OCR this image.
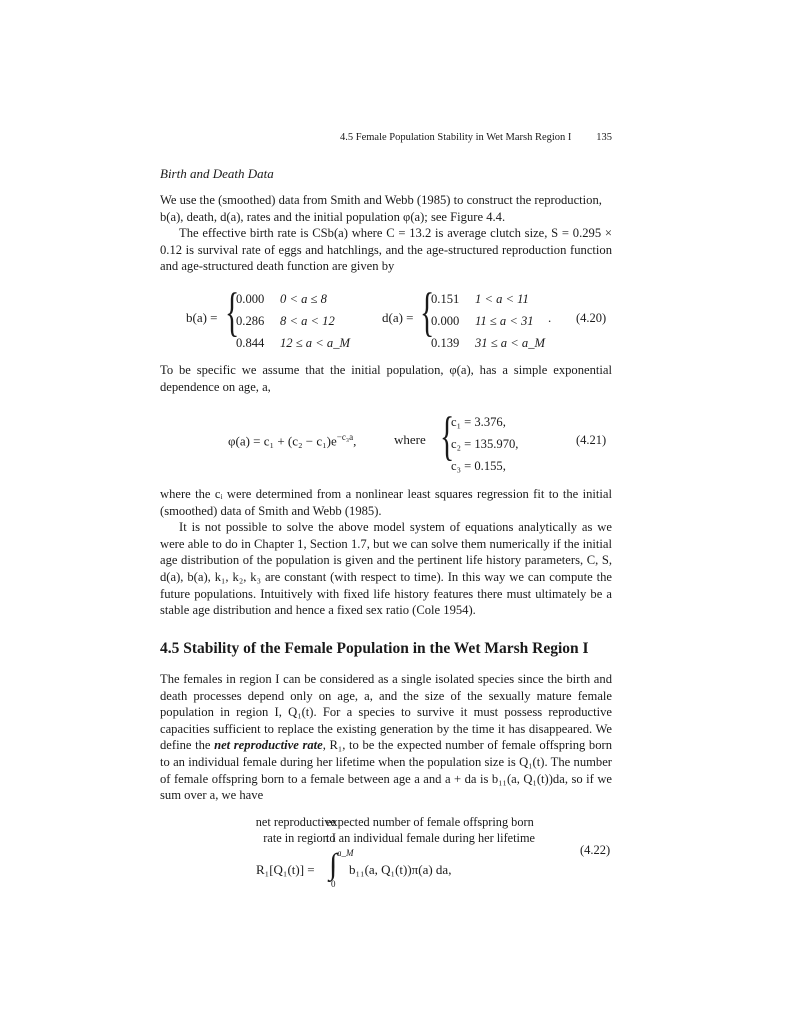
4.5 Female Population Stability in Wet Marsh Region I 135
Birth and Death Data

We use the (smoothed) data from Smith and Webb (1985) to construct the reproduction,

b(a), death, d(a), rates and the initial population φ(a); see Figure 4.4.

The effective birth rate is CSb(a) where C = 13.2 is average clutch size, S = 0.295 × 0.12 is survival rate of eggs and hatchlings, and the age-structured reproduction function and age-structured death function are given by

b(a) = {
0.000 0 < a ≤ 8
0.286 8 < a < 12
0.844 12 ≤ a < a_M
d(a) = {
0.151 1 < a < 11
0.000 11 ≤ a < 31
0.139 31 ≤ a < a_M
. (4.20)

To be specific we assume that the initial population, φ(a), has a simple exponential dependence on age, a,

$\varphi(a) = c_1 + (c_2 - c_1)e^{-c_3a}$,	where {
c₁ = 3.376,
c₂ = 135.970,
c₃ = 0.155,
(4.21)

where the cᵢ were determined from a nonlinear least squares regression fit to the initial (smoothed) data of Smith and Webb (1985).

It is not possible to solve the above model system of equations analytically as we were able to do in Chapter 1, Section 1.7, but we can solve them numerically if the initial age distribution of the population is given and the pertinent life history parameters, C, S, d(a), b(a), k₁, k₂, k₃ are constant (with respect to time). In this way we can compute the future populations. Intuitively with fixed life history features there must ultimately be a stable age distribution and hence a fixed sex ratio (Cole 1954).

4.5 Stability of the Female Population in the Wet Marsh Region I

The females in region I can be considered as a single isolated species since the birth and death processes depend only on age, a, and the size of the sexually mature female population in region I, Q₁(t). For a species to survive it must possess reproductive capacities sufficient to replace the existing generation by the time it has disappeared. We define the net reproductive rate, R₁, to be the expected number of female offspring born to an individual female during her lifetime when the population size is Q₁(t). The number of female offspring born to a female between age a and a + da is b₁₁(a, Q₁(t))da, so if we sum over a, we have

net reproductive
rate in region I
expected number of female offspring born
to an individual female during her lifetime
(4.22)
R₁[Q₁(t)] = ∫ a_M
0
b₁₁(a, Q₁(t))π(a) da,
